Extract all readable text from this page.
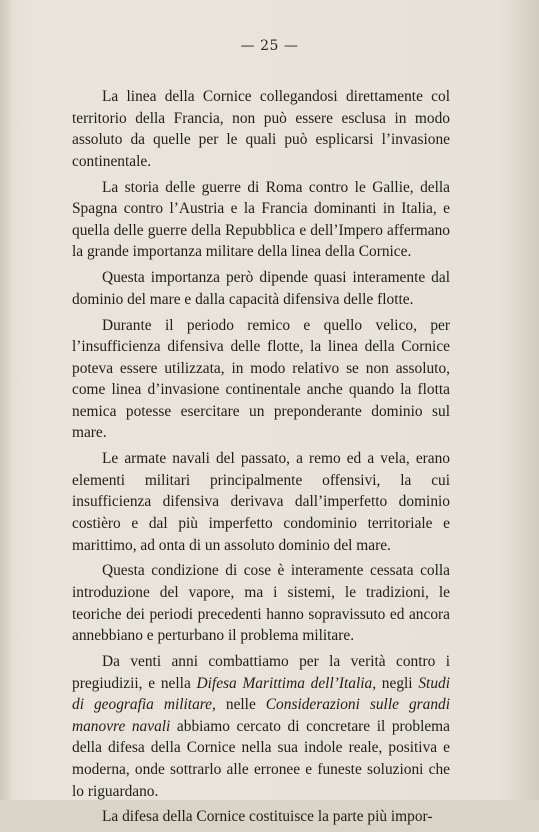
— 25 —

La linea della Cornice collegandosi direttamente col territorio della Francia, non può essere esclusa in modo assoluto da quelle per le quali può esplicarsi l’invasione continentale.

La storia delle guerre di Roma contro le Gallie, della Spagna contro l’Austria e la Francia dominanti in Italia, e quella delle guerre della Repubblica e dell’Impero affermano la grande importanza militare della linea della Cornice.

Questa importanza però dipende quasi interamente dal dominio del mare e dalla capacità difensiva delle flotte.

Durante il periodo remico e quello velico, per l’insufficienza difensiva delle flotte, la linea della Cornice poteva essere utilizzata, in modo relativo se non assoluto, come linea d’invasione continentale anche quando la flotta nemica potesse esercitare un preponderante dominio sul mare.

Le armate navali del passato, a remo ed a vela, erano elementi militari principalmente offensivi, la cui insufficienza difensiva derivava dall’imperfetto dominio costièro e dal più imperfetto condominio territoriale e marittimo, ad onta di un assoluto dominio del mare.

Questa condizione di cose è interamente cessata colla introduzione del vapore, ma i sistemi, le tradizioni, le teoriche dei periodi precedenti hanno sopravissuto ed ancora annebbiano e perturbano il problema militare.

Da venti anni combattiamo per la verità contro i pregiudizii, e nella Difesa Marittima dell’Italia, negli Studi di geografia militare, nelle Considerazioni sulle grandi manovre navali abbiamo cercato di concretare il problema della difesa della Cornice nella sua indole reale, positiva e moderna, onde sottrarlo alle erronee e funeste soluzioni che lo riguardano.

La difesa della Cornice costituisce la parte più impor-
